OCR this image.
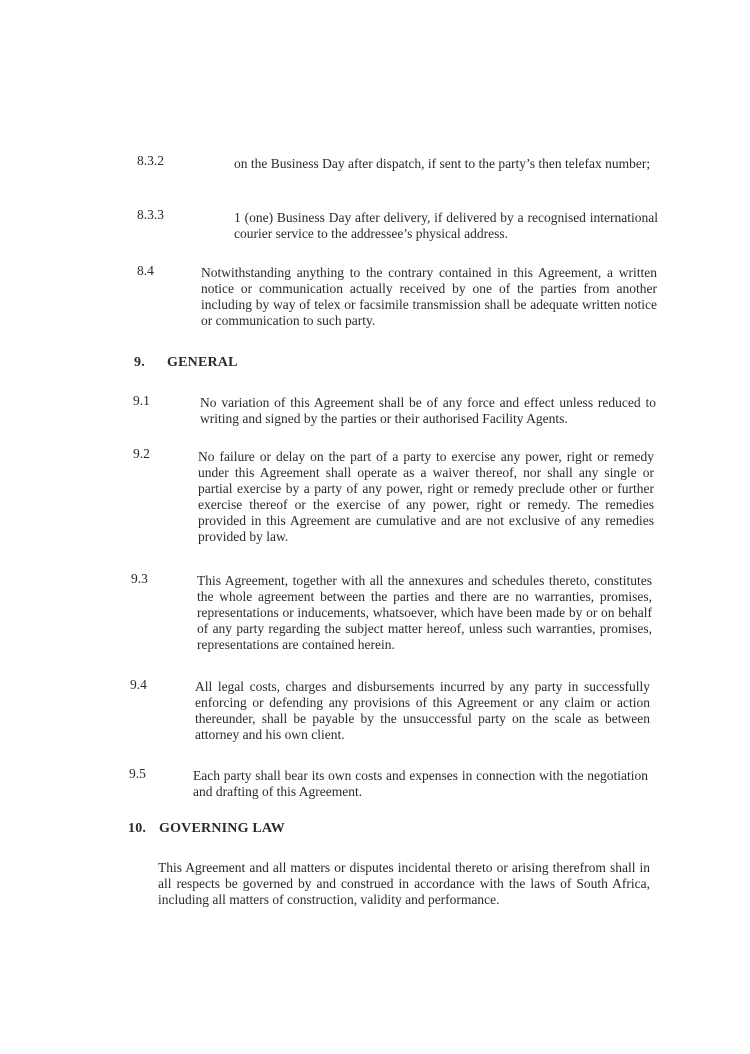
8.3.2	on the Business Day after dispatch, if sent to the party’s then telefax number;
8.3.3	1 (one) Business Day after delivery, if delivered by a recognised international courier service to the addressee’s physical address.
8.4	Notwithstanding anything to the contrary contained in this Agreement, a written notice or communication actually received by one of the parties from another including by way of telex or facsimile transmission shall be adequate written notice or communication to such party.
9. GENERAL
9.1	No variation of this Agreement shall be of any force and effect unless reduced to writing and signed by the parties or their authorised Facility Agents.
9.2	No failure or delay on the part of a party to exercise any power, right or remedy under this Agreement shall operate as a waiver thereof, nor shall any single or partial exercise by a party of any power, right or remedy preclude other or further exercise thereof or the exercise of any power, right or remedy. The remedies provided in this Agreement are cumulative and are not exclusive of any remedies provided by law.
9.3	This Agreement, together with all the annexures and schedules thereto, constitutes the whole agreement between the parties and there are no warranties, promises, representations or inducements, whatsoever, which have been made by or on behalf of any party regarding the subject matter hereof, unless such warranties, promises, representations are contained herein.
9.4	All legal costs, charges and disbursements incurred by any party in successfully enforcing or defending any provisions of this Agreement or any claim or action thereunder, shall be payable by the unsuccessful party on the scale as between attorney and his own client.
9.5	Each party shall bear its own costs and expenses in connection with the negotiation and drafting of this Agreement.
10. GOVERNING LAW
This Agreement and all matters or disputes incidental thereto or arising therefrom shall in all respects be governed by and construed in accordance with the laws of South Africa, including all matters of construction, validity and performance.
